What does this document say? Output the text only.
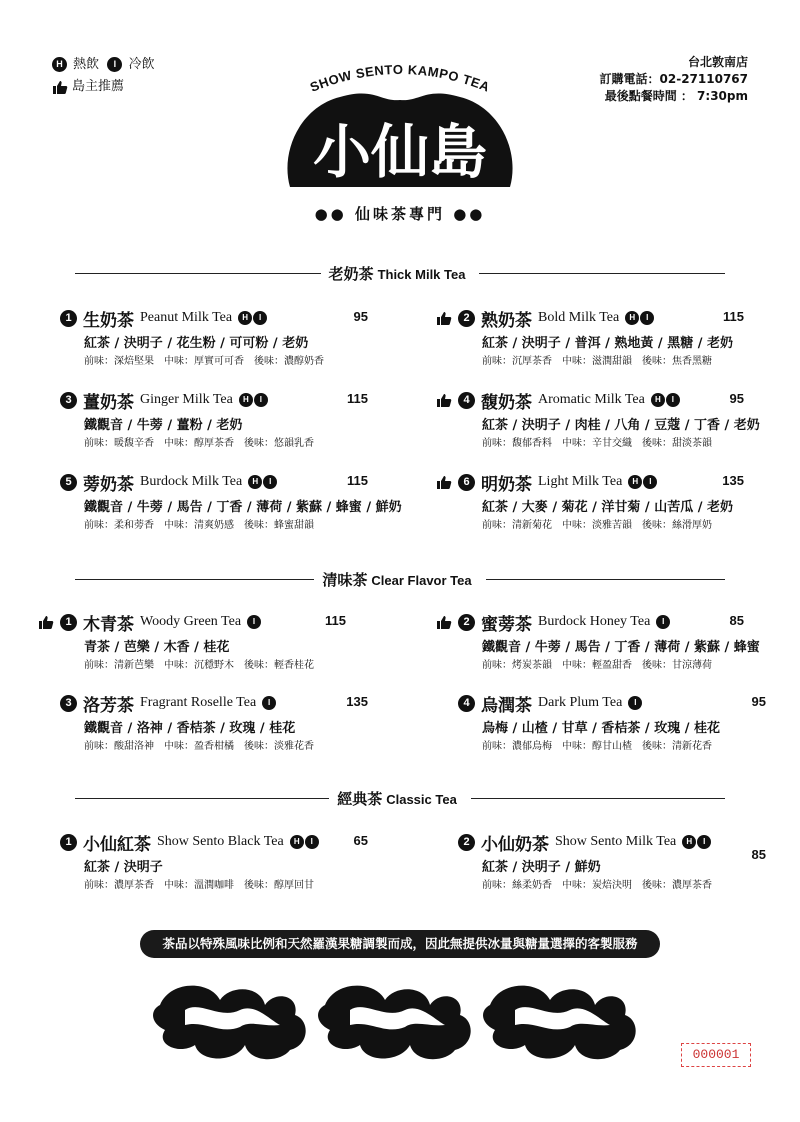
H 熱飲 I 冷飲
島主推薦
台北敦南店
訂購電話：02-27110767
最後點餐時間 ： 7:30pm
SHOW SENTO KAMPO TEA
小仙島
●● 仙味茶專門 ●●
老奶茶 Thick Milk Tea
1 生奶茶 Peanut Milk Tea	H	I	95
紅茶 / 決明子 / 花生粉 / 可可粉 / 老奶
前味：深焙堅果　中味：厚實可可香　後味：濃醇奶香
2 熟奶茶 Bold Milk Tea	H	I	115
紅茶 / 決明子 / 普洱 / 熟地黃 / 黑糖 / 老奶
前味：沉厚茶香　中味：滋潤甜韻　後味：焦香黑糖
3 薑奶茶 Ginger Milk Tea	H	I	115
鐵觀音 / 牛蒡 / 薑粉 / 老奶
前味：暖馥辛香　中味：醇厚茶香　後味：悠韻乳香
4 馥奶茶 Aromatic Milk Tea	H	I	95
紅茶 / 決明子 / 肉桂 / 八角 / 豆蔻 / 丁香 / 老奶
前味：馥郁香料　中味：辛甘交織　後味：甜淡茶韻
5 蒡奶茶 Burdock Milk Tea	H	I	115
鐵觀音 / 牛蒡 / 馬告 / 丁香 / 薄荷 / 紫蘇 / 蜂蜜 / 鮮奶
前味：柔和蒡香　中味：清爽奶感　後味：蜂蜜甜韻
6 明奶茶 Light Milk Tea	H	I	135
紅茶 / 大麥 / 菊花 / 洋甘菊 / 山苦瓜 / 老奶
前味：清新菊花　中味：淡雅苦韻　後味：絲滑厚奶
1 木青茶 Woody Green Tea	I	115
青茶 / 芭樂 / 木香 / 桂花
前味：清新芭樂　中味：沉穩野木　後味：輕香桂花
2 蜜蒡茶 Burdock Honey Tea	I	85
鐵觀音 / 牛蒡 / 馬告 / 丁香 / 薄荷 / 紫蘇 / 蜂蜜
前味：烤炭茶韻　中味：輕盈甜香　後味：甘涼薄荷
3 洛芳茶 Fragrant Roselle Tea	I	135
鐵觀音 / 洛神 / 香桔茶 / 玫瑰 / 桂花
前味：酸甜洛神　中味：盈香柑橘　後味：淡雅花香
4 烏潤茶 Dark Plum Tea	I	95
烏梅 / 山楂 / 甘草 / 香桔茶 / 玫瑰 / 桂花
前味：濃郁烏梅　中味：醇甘山楂　後味：清新花香
1 小仙紅茶 Show Sento Black Tea	H	I	65
紅茶 / 決明子
前味：濃厚茶香　中味：溫潤咖啡　後味：醇厚回甘
2 小仙奶茶 Show Sento Milk Tea	H	I
85
紅茶 / 決明子 / 鮮奶
前味：絲柔奶香　中味：炭焙決明　後味：濃厚茶香
清味茶 Clear Flavor Tea
經典茶 Classic Tea
茶品以特殊風味比例和天然羅漢果糖調製而成，因此無提供冰量與糖量選擇的客製服務
000001
